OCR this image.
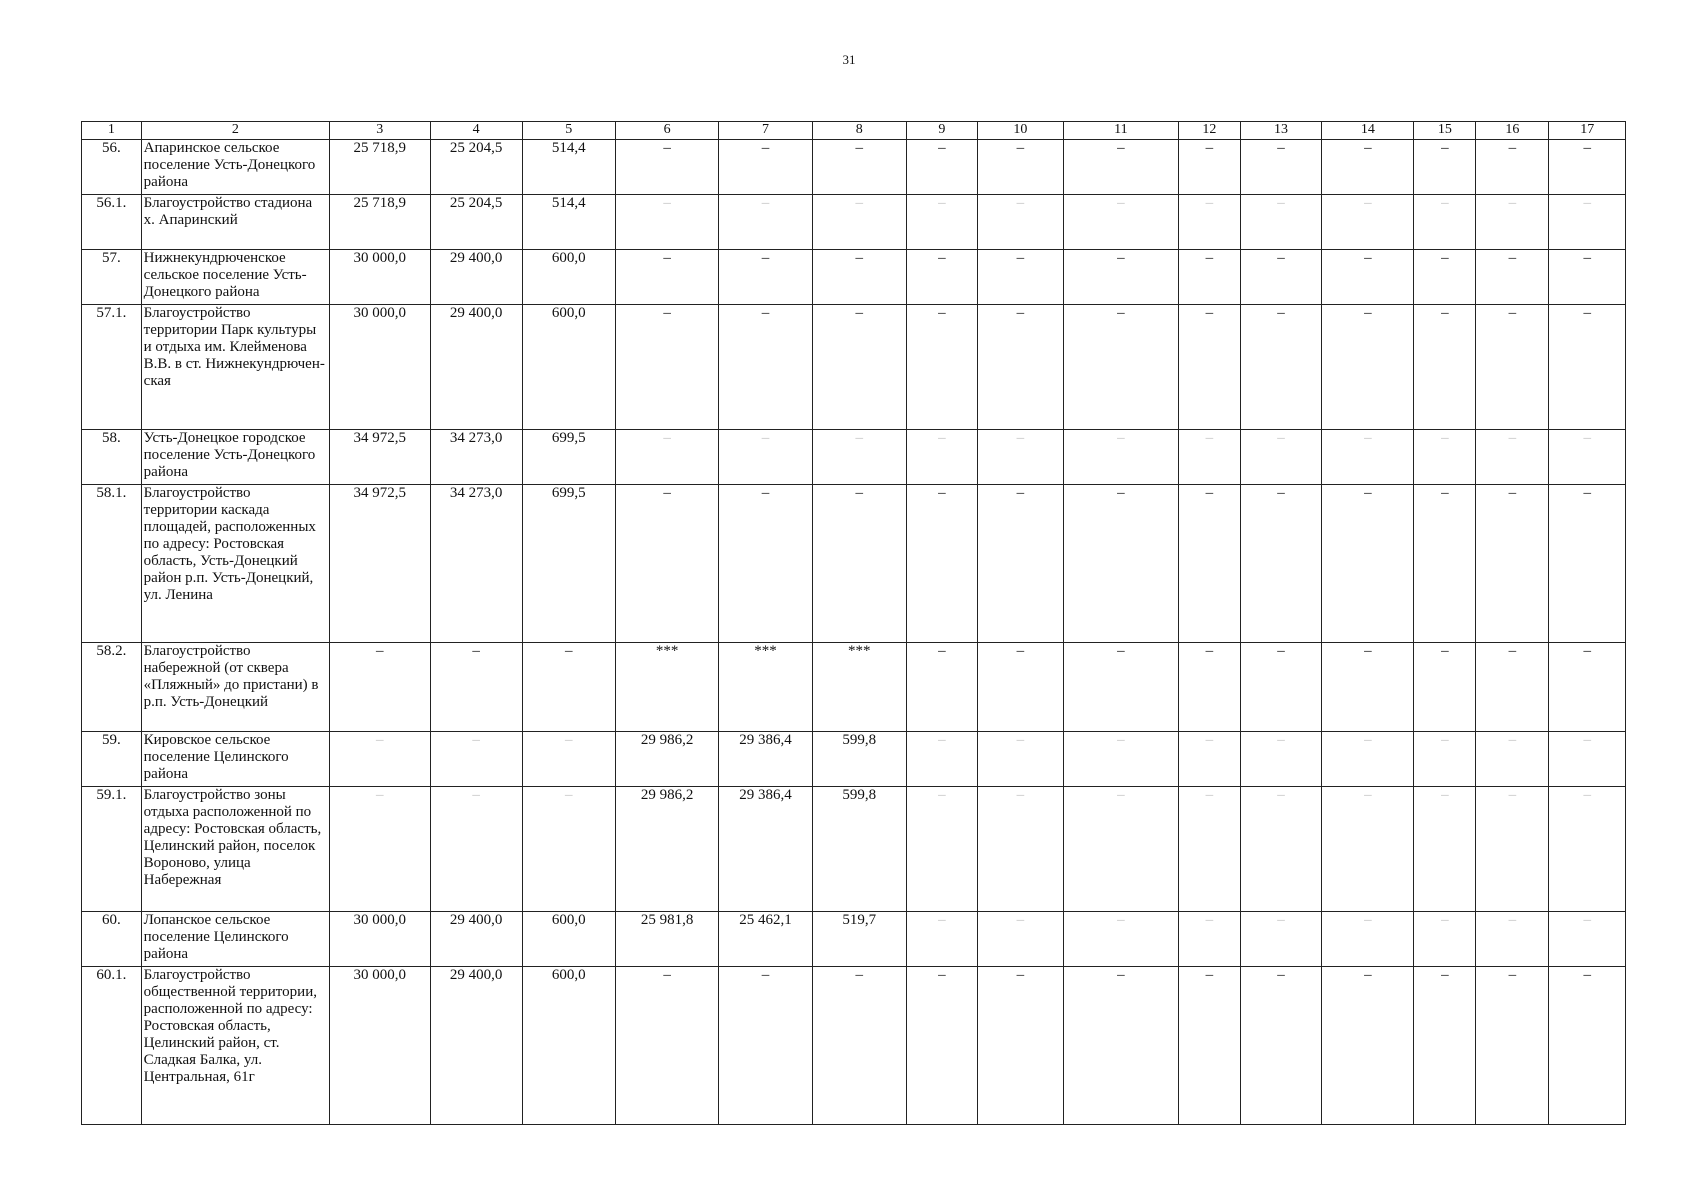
31
1	2	3	4	5	6	7	8	9	10	11	12	13	14	15	16	17
56.	Апаринское сельское поселение Усть-Донецкого района	25 718,9	25 204,5	514,4	–	–	–	–	–	–	–	–	–	–	–	–
56.1.	Благоустройство стадиона х. Апаринский	25 718,9	25 204,5	514,4	–	–	–	–	–	–	–	–	–	–	–	–
57.	Нижнекундрюченское сельское поселение Усть-Донецкого района	30 000,0	29 400,0	600,0	–	–	–	–	–	–	–	–	–	–	–	–
57.1.	Благоустройство территории Парк культуры и отдыха им. Клейменова В.В. в ст. Нижнекундрючен-ская	30 000,0	29 400,0	600,0	–	–	–	–	–	–	–	–	–	–	–	–
58.	Усть-Донецкое городское поселение Усть-Донецкого района	34 972,5	34 273,0	699,5	–	–	–	–	–	–	–	–	–	–	–	–
58.1.	Благоустройство территории каскада площадей, расположенных по адресу: Ростовская область, Усть-Донецкий район р.п. Усть-Донецкий, ул. Ленина	34 972,5	34 273,0	699,5	–	–	–	–	–	–	–	–	–	–	–	–
58.2.	Благоустройство набережной (от сквера «Пляжный» до пристани) в р.п. Усть-Донецкий	–	–	–	***	***	***	–	–	–	–	–	–	–	–	–
59.	Кировское сельское поселение Целинского района	–	–	–	29 986,2	29 386,4	599,8	–	–	–	–	–	–	–	–	–
59.1.	Благоустройство зоны отдыха расположенной по адресу: Ростовская область, Целинский район, поселок Вороново, улица Набережная	–	–	–	29 986,2	29 386,4	599,8	–	–	–	–	–	–	–	–	–
60.	Лопанское сельское поселение Целинского района	30 000,0	29 400,0	600,0	25 981,8	25 462,1	519,7	–	–	–	–	–	–	–	–	–
60.1.	Благоустройство общественной территории, расположенной по адресу: Ростовская область, Целинский район, ст. Сладкая Балка, ул. Центральная, 61г	30 000,0	29 400,0	600,0	–	–	–	–	–	–	–	–	–	–	–	–
